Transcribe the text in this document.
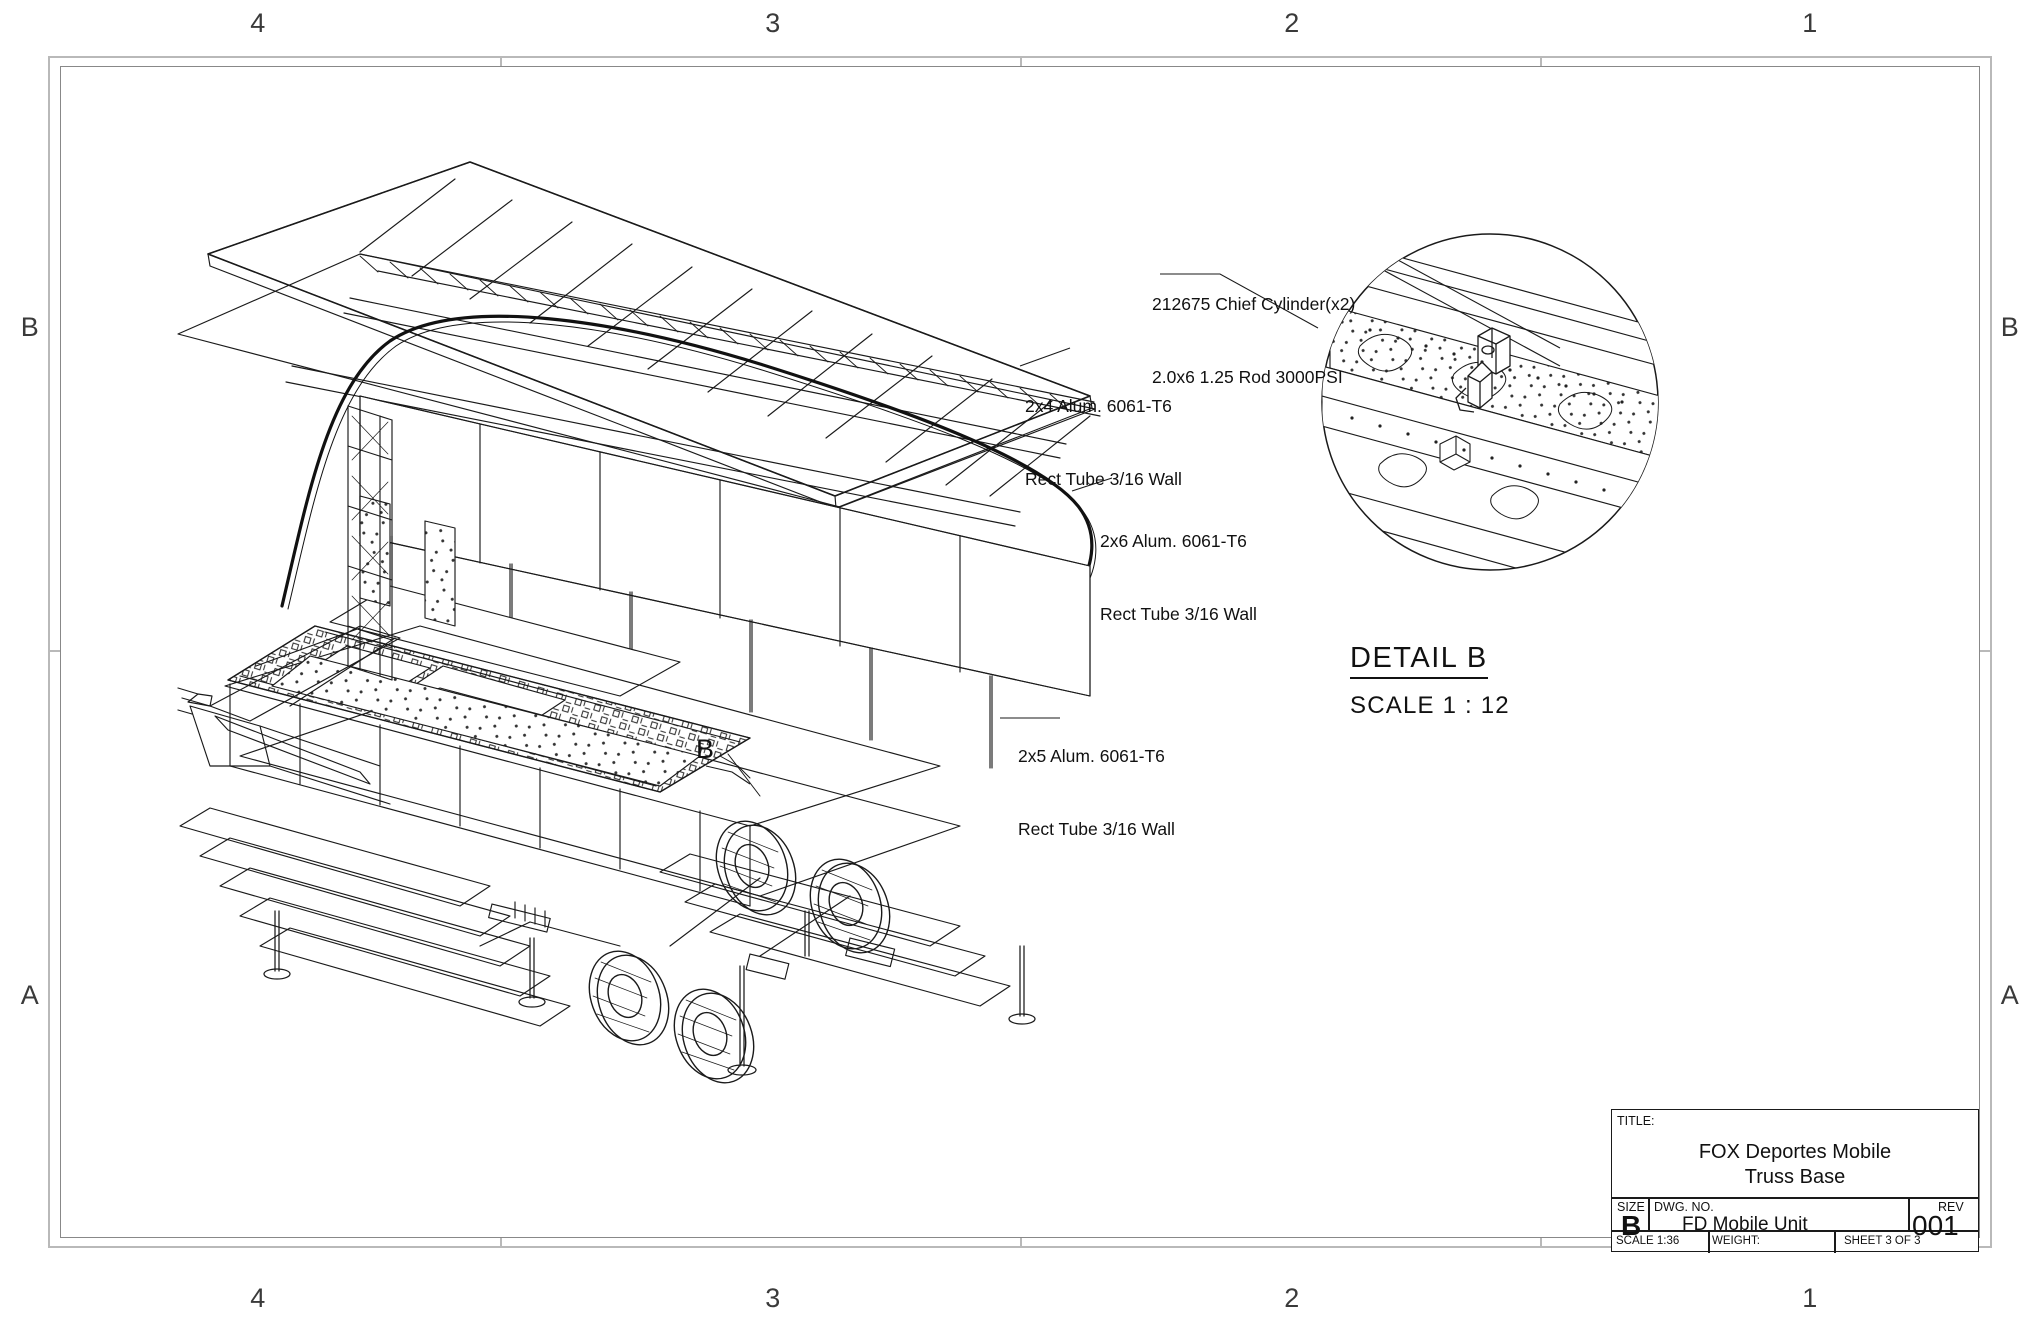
4	3	2	1
4	3	2	1
B
A
B
A

212675 Chief Cylinder(x2)

2.0x6 1.25 Rod 3000PSI

2x4 Alum. 6061-T6

Rect Tube 3/16 Wall

2x6 Alum. 6061-T6

Rect Tube 3/16 Wall

2x5 Alum. 6061-T6

Rect Tube 3/16 Wall

B
DETAIL B
SCALE 1 : 12
TITLE:
FOX Deportes Mobile
Truss Base
SIZE
B
DWG. NO.
FD Mobile Unit
REV
001
SCALE 1:36	WEIGHT:	SHEET 3 OF 3
